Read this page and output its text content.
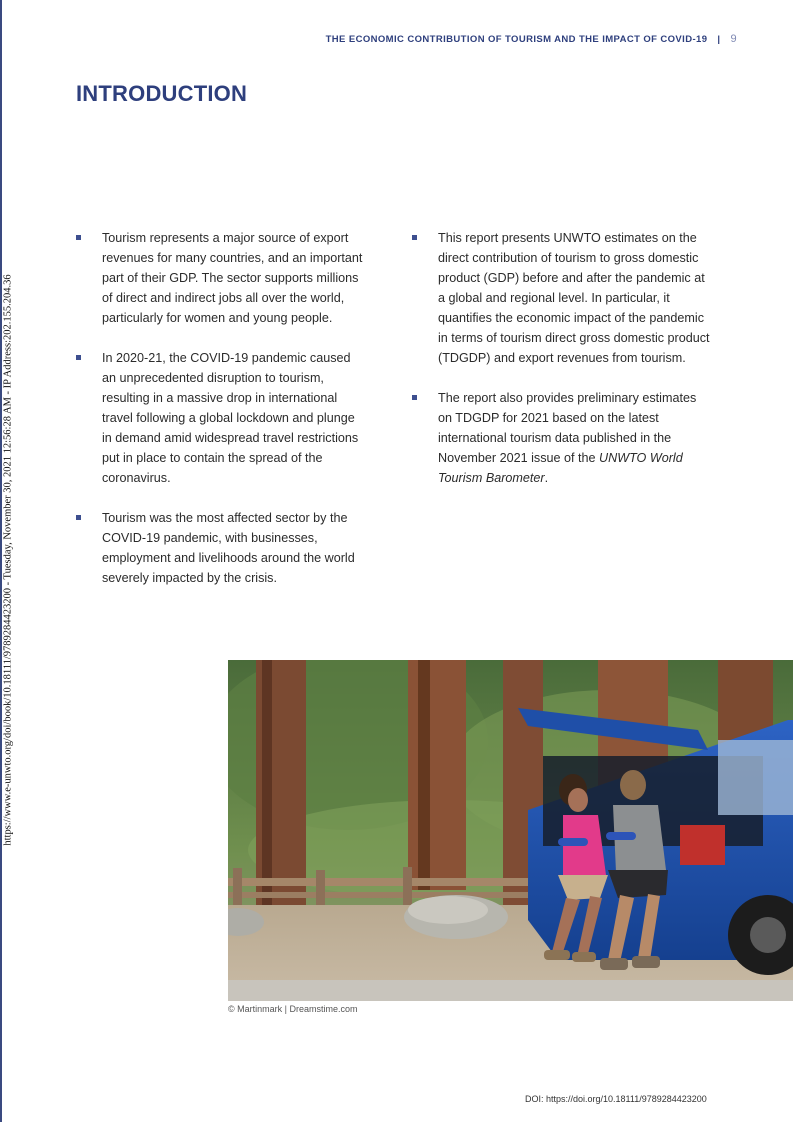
https://www.e-unwto.org/doi/book/10.18111/9789284423200 - Tuesday, November 30, 2021 12:56:28 AM - IP Address:202.155.204.36
THE ECONOMIC CONTRIBUTION OF TOURISM AND THE IMPACT OF COVID-19 | 9
INTRODUCTION
Tourism represents a major source of export revenues for many countries, and an important part of their GDP. The sector supports millions of direct and indirect jobs all over the world, particularly for women and young people.
In 2020-21, the COVID-19 pandemic caused an unprecedented disruption to tourism, resulting in a massive drop in international travel following a global lockdown and plunge in demand amid widespread travel restrictions put in place to contain the spread of the coronavirus.
Tourism was the most affected sector by the COVID-19 pandemic, with businesses, employment and livelihoods around the world severely impacted by the crisis.
This report presents UNWTO estimates on the direct contribution of tourism to gross domestic product (GDP) before and after the pandemic at a global and regional level. In particular, it quantifies the economic impact of the pandemic in terms of tourism direct gross domestic product (TDGDP) and export revenues from tourism.
The report also provides preliminary estimates on TDGDP for 2021 based on the latest international tourism data published in the November 2021 issue of the UNWTO World Tourism Barometer.
© Martinmark | Dreamstime.com
DOI: https://doi.org/10.18111/9789284423200
